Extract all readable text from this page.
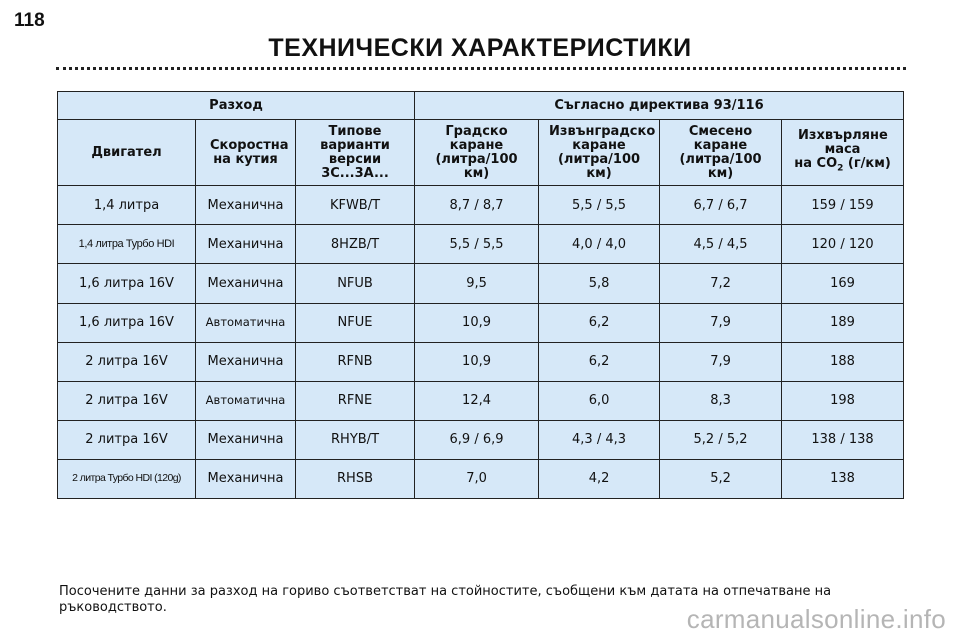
118
ТЕХНИЧЕСКИ ХАРАКТЕРИСТИКИ
Разход			Съгласно директива 93/116			
Двигател	Скоростна на кутия	Типове варианти версии 3C...3A...	Градско каране (литра/100 км)	Извънградско каране (литра/100 км)	Смесено каране (литра/100 км)	Изхвърляне маса
на $СО_2$ (г/км)

1,4 литра	Механична	KFWB/T	8,7 / 8,7	5,5 / 5,5	6,7 / 6,7	159 / 159
1,4 литра Турбо HDI	Механична	8HZB/T	5,5 / 5,5	4,0 / 4,0	4,5 / 4,5	120 / 120
1,6 литра 16V	Механична	NFUB	9,5	5,8	7,2	169
1,6 литра 16V	Автоматична	NFUE	10,9	6,2	7,9	189
2 литра 16V	Механична	RFNB	10,9	6,2	7,9	188
2 литра 16V	Автоматична	RFNE	12,4	6,0	8,3	198
2 литра 16V	Механична	RHYB/T	6,9 / 6,9	4,3 / 4,3	5,2 / 5,2	138 / 138
2 литра Турбо HDI (120g)	Механична	RHSB	7,0	4,2	5,2	138
Посочените данни за разход на гориво съответстват на стойностите, съобщени към датата на отпечатване на ръководството.	carmanualsonline.info
